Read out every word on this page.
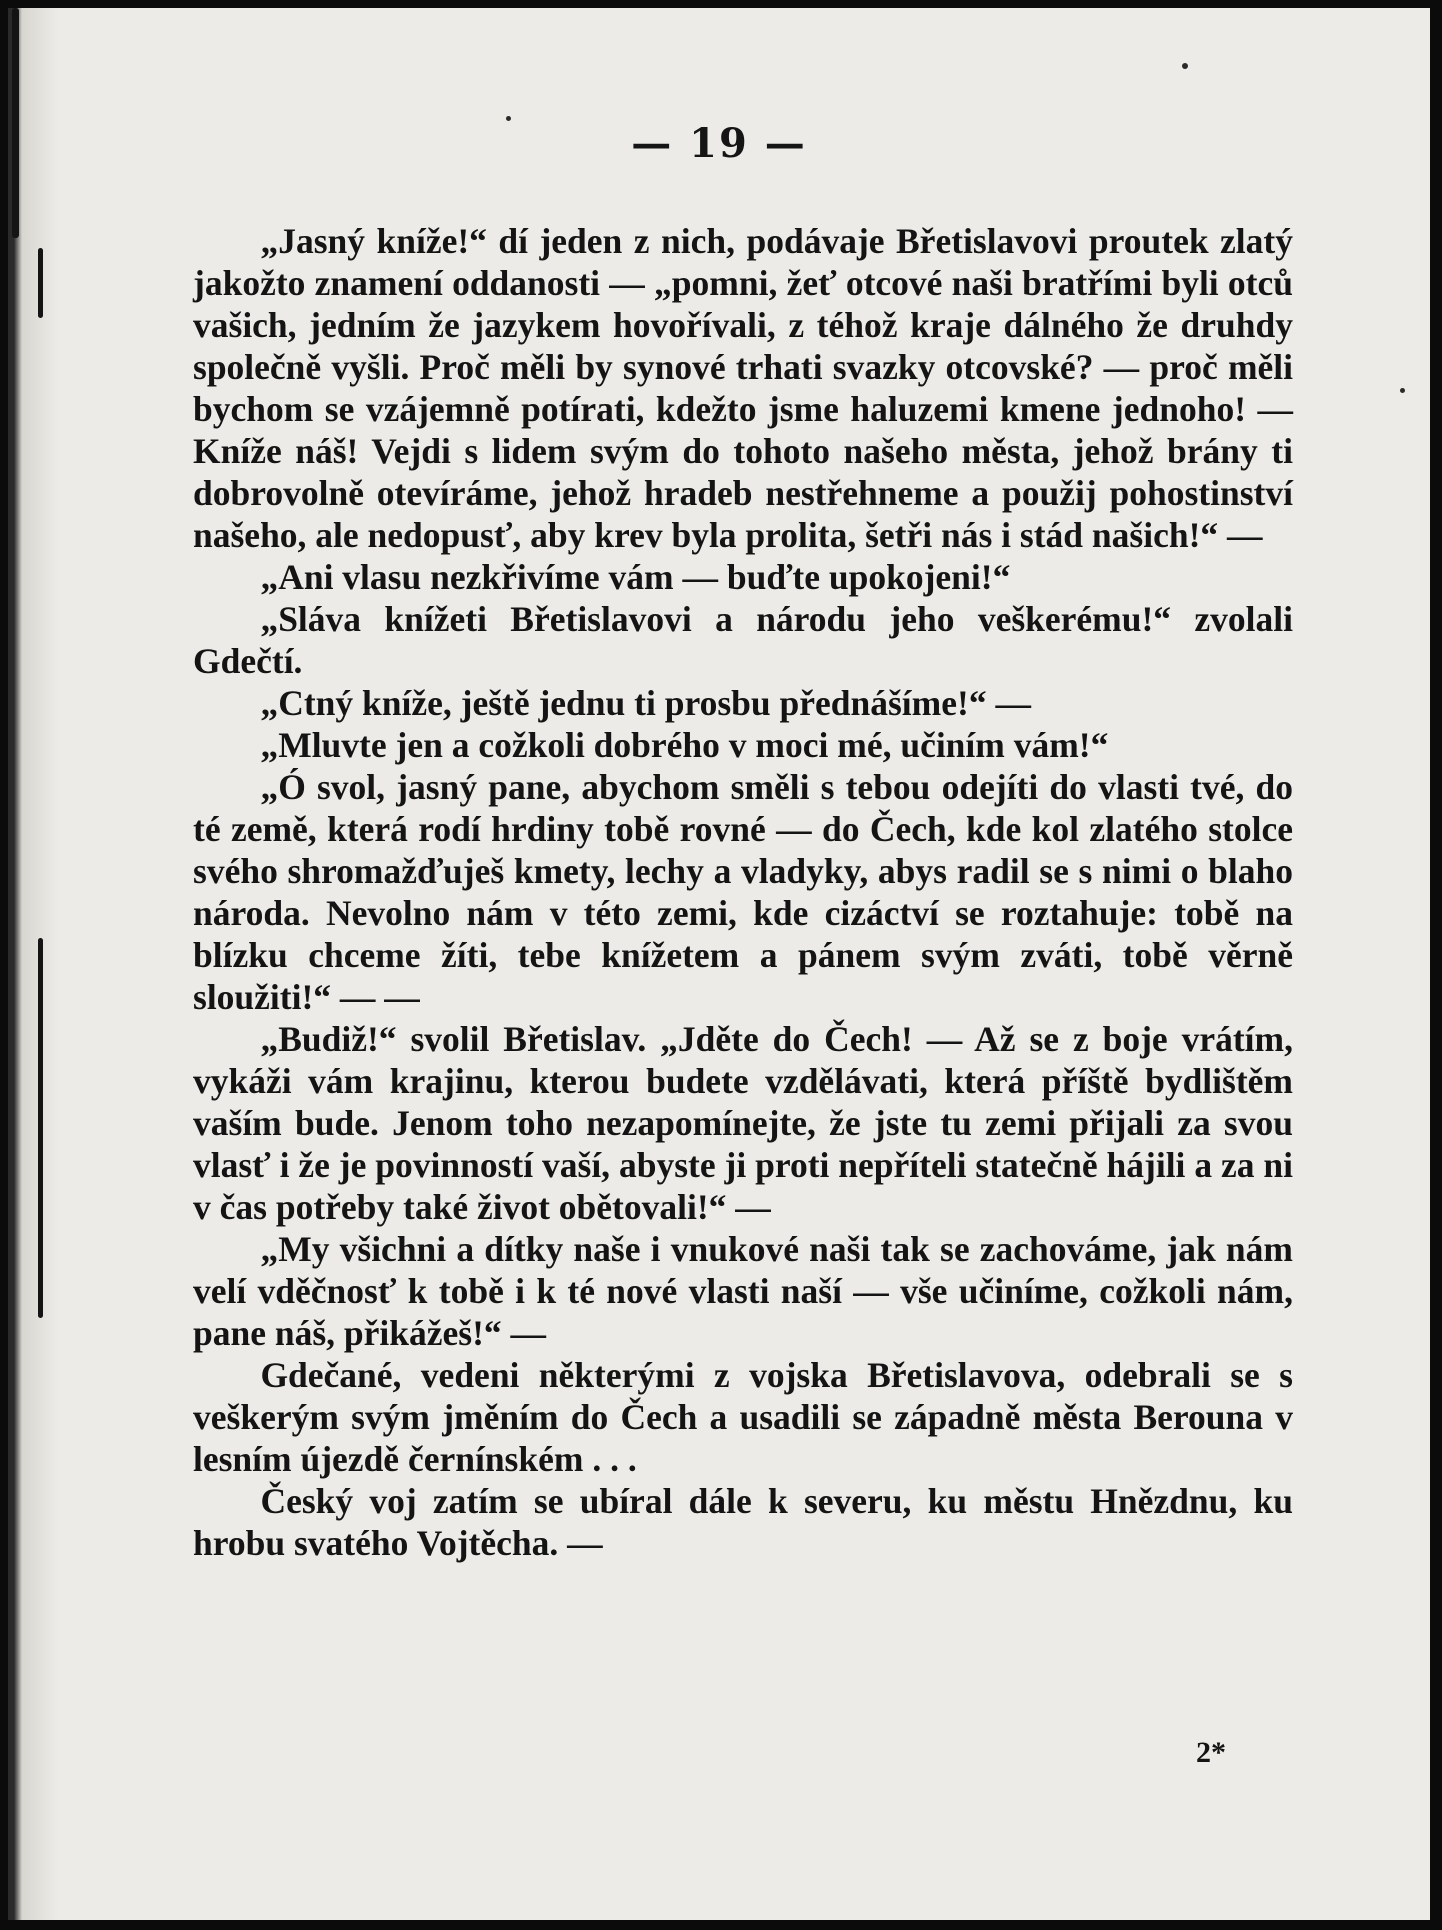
— 19 —

„Jasný kníže!“ dí jeden z nich, podávaje Břetislavovi proutek zlatý jakožto znamení oddanosti — „pomni, žeť otcové naši bratřími byli otců vašich, jedním že jazykem hovořívali, z téhož kraje dálného že druhdy společně vyšli. Proč měli by synové trhati svazky otcovské? — proč měli bychom se vzájemně potírati, kdežto jsme haluzemi kmene jednoho! — Kníže náš! Vejdi s lidem svým do tohoto našeho města, jehož brány ti dobrovolně otevíráme, jehož hradeb nestřehneme a použij pohostinství našeho, ale nedopusť, aby krev byla prolita, šetři nás i stád našich!“ —

„Ani vlasu nezkřivíme vám — buďte upokojeni!“

„Sláva knížeti Břetislavovi a národu jeho veškerému!“ zvolali Gdečtí.

„Ctný kníže, ještě jednu ti prosbu přednášíme!“ —

„Mluvte jen a cožkoli dobrého v moci mé, učiním vám!“

„Ó svol, jasný pane, abychom směli s tebou odejíti do vlasti tvé, do té země, která rodí hrdiny tobě rovné — do Čech, kde kol zlatého stolce svého shromažďuješ kmety, lechy a vladyky, abys radil se s nimi o blaho národa. Nevolno nám v této zemi, kde cizáctví se roztahuje: tobě na blízku chceme žíti, tebe knížetem a pánem svým zváti, tobě věrně sloužiti!“ — —

„Budiž!“ svolil Břetislav. „Jděte do Čech! — Až se z boje vrátím, vykáži vám krajinu, kterou budete vzdělávati, která příště bydlištěm vaším bude. Jenom toho nezapomínejte, že jste tu zemi přijali za svou vlasť i že je povinností vaší, abyste ji proti nepříteli statečně hájili a za ni v čas potřeby také život obětovali!“ —

„My všichni a dítky naše i vnukové naši tak se zachováme, jak nám velí vděčnosť k tobě i k té nové vlasti naší — vše učiníme, cožkoli nám, pane náš, přikážeš!“ —

Gdečané, vedeni některými z vojska Břetislavova, odebrali se s veškerým svým jměním do Čech a usadili se západně města Berouna v lesním újezdě černínském . . .

Český voj zatím se ubíral dále k severu, ku městu Hnězdnu, ku hrobu svatého Vojtěcha. —

2*
